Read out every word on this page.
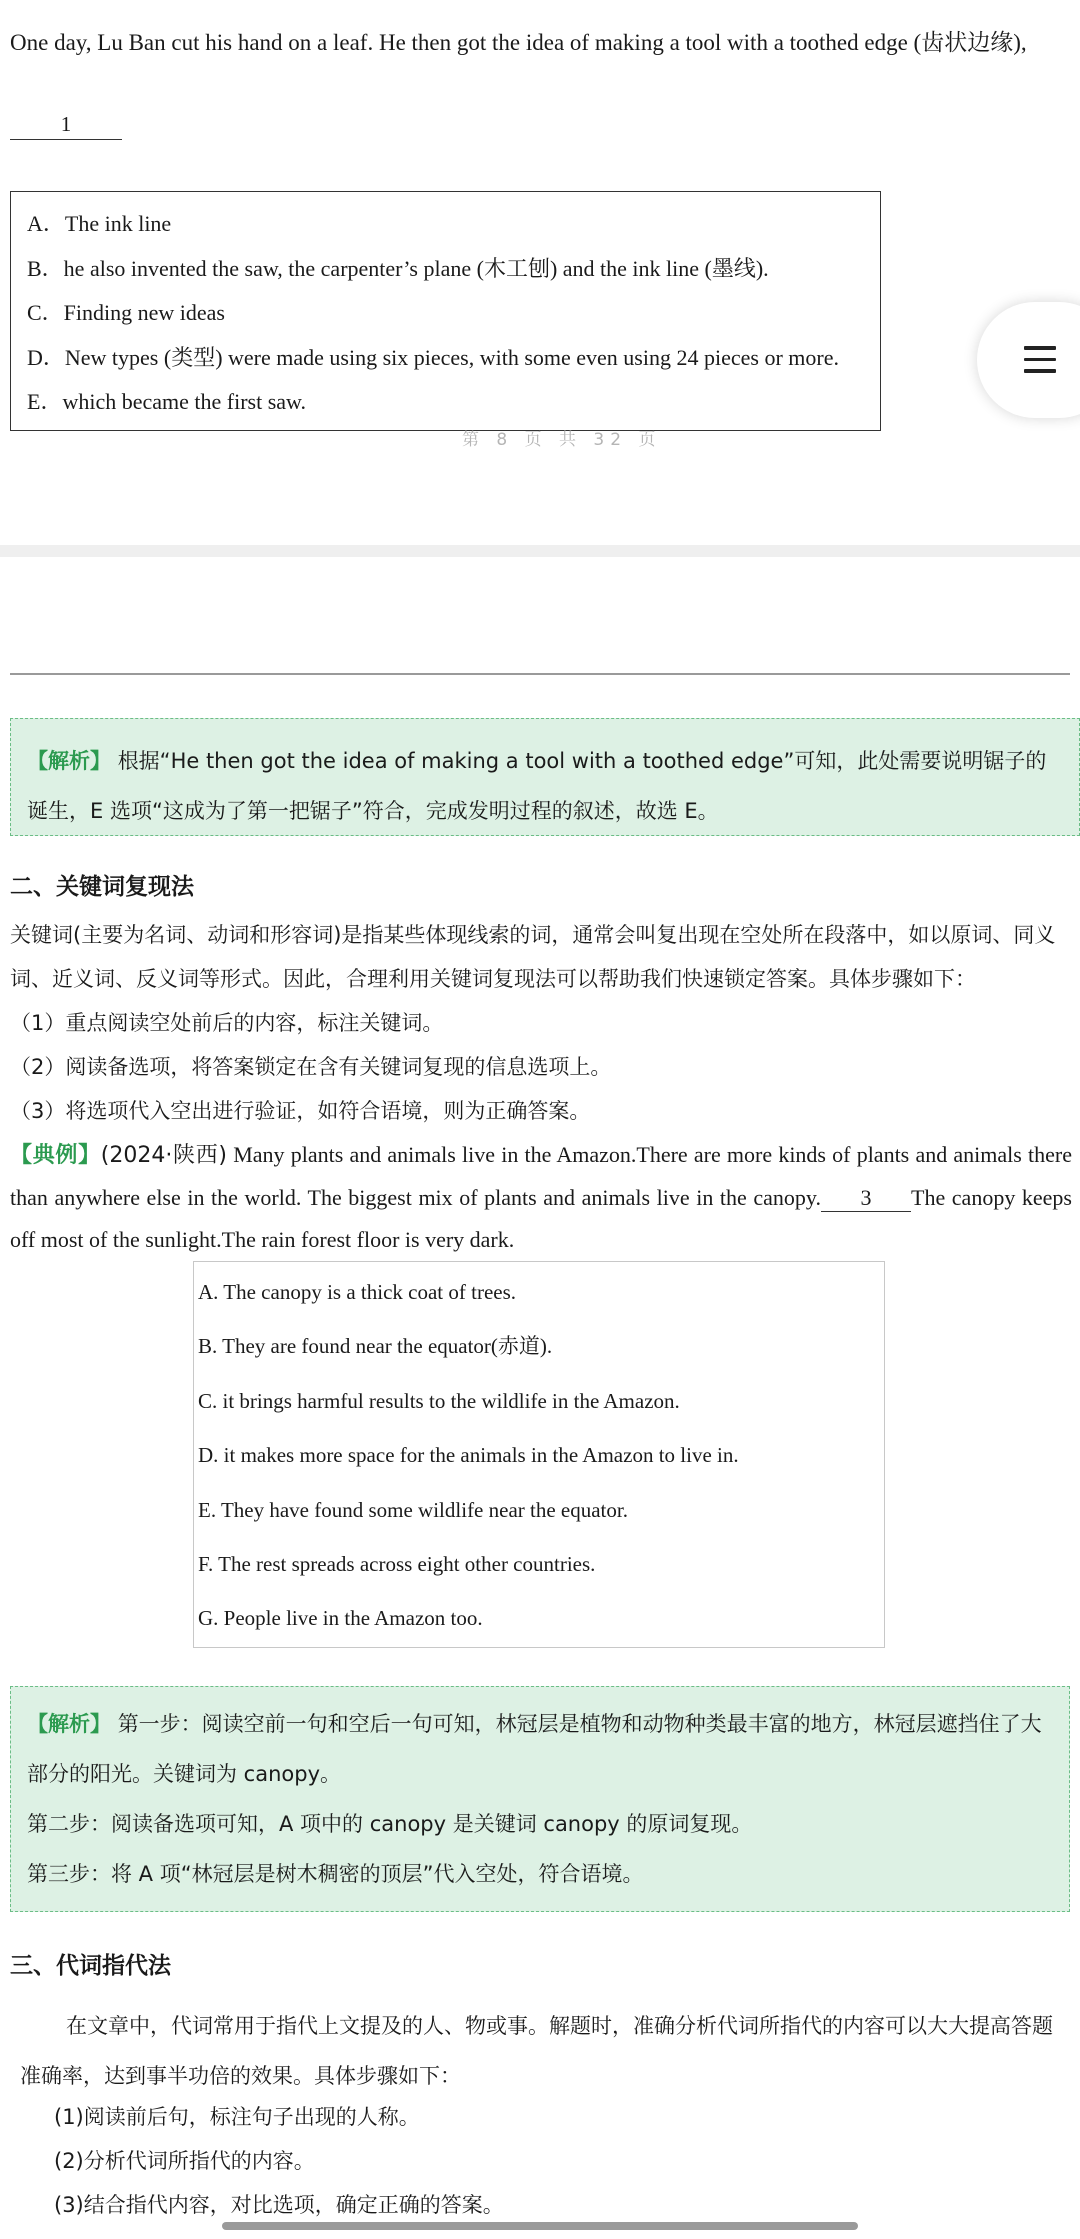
One day, Lu Ban cut his hand on a leaf. He then got the idea of making a tool with a toothed edge (齿状边缘),
1
A．The ink line
B．he also invented the saw, the carpenter’s plane (木工刨) and the ink line (墨线).
C．Finding new ideas
D．New types (类型) were made using six pieces, with some even using 24 pieces or more.
E．which became the first saw.
第 8 页 共 32 页
【解析】 根据“He then got the idea of making a tool with a toothed edge”可知，此处需要说明锯子的诞生，E 选项“这成为了第一把锯子”符合，完成发明过程的叙述，故选 E。
二、关键词复现法
关键词(主要为名词、动词和形容词)是指某些体现线索的词，通常会叫复出现在空处所在段落中，如以原词、同义词、近义词、反义词等形式。因此，合理利用关键词复现法可以帮助我们快速锁定答案。具体步骤如下：
（1）重点阅读空处前后的内容，标注关键词。
（2）阅读备选项，将答案锁定在含有关键词复现的信息选项上。
（3）将选项代入空出进行验证，如符合语境，则为正确答案。
【典例】(2024·陕西) Many plants and animals live in the Amazon.There are more kinds of plants and animals there than anywhere else in the world. The biggest mix of plants and animals live in the canopy. 3 The canopy keeps off most of the sunlight.The rain forest floor is very dark.
A. The canopy is a thick coat of trees.
B. They are found near the equator(赤道).
C. it brings harmful results to the wildlife in the Amazon.
D. it makes more space for the animals in the Amazon to live in.
E. They have found some wildlife near the equator.
F. The rest spreads across eight other countries.
G. People live in the Amazon too.
【解析】 第一步：阅读空前一句和空后一句可知，林冠层是植物和动物种类最丰富的地方，林冠层遮挡住了大部分的阳光。关键词为 canopy。
第二步：阅读备选项可知，A 项中的 canopy 是关键词 canopy 的原词复现。
第三步：将 A 项“林冠层是树木稠密的顶层”代入空处，符合语境。
三、代词指代法
在文章中，代词常用于指代上文提及的人、物或事。解题时，准确分析代词所指代的内容可以大大提高答题准确率，达到事半功倍的效果。具体步骤如下：
(1)阅读前后句，标注句子出现的人称。
(2)分析代词所指代的内容。
(3)结合指代内容，对比选项，确定正确的答案。
